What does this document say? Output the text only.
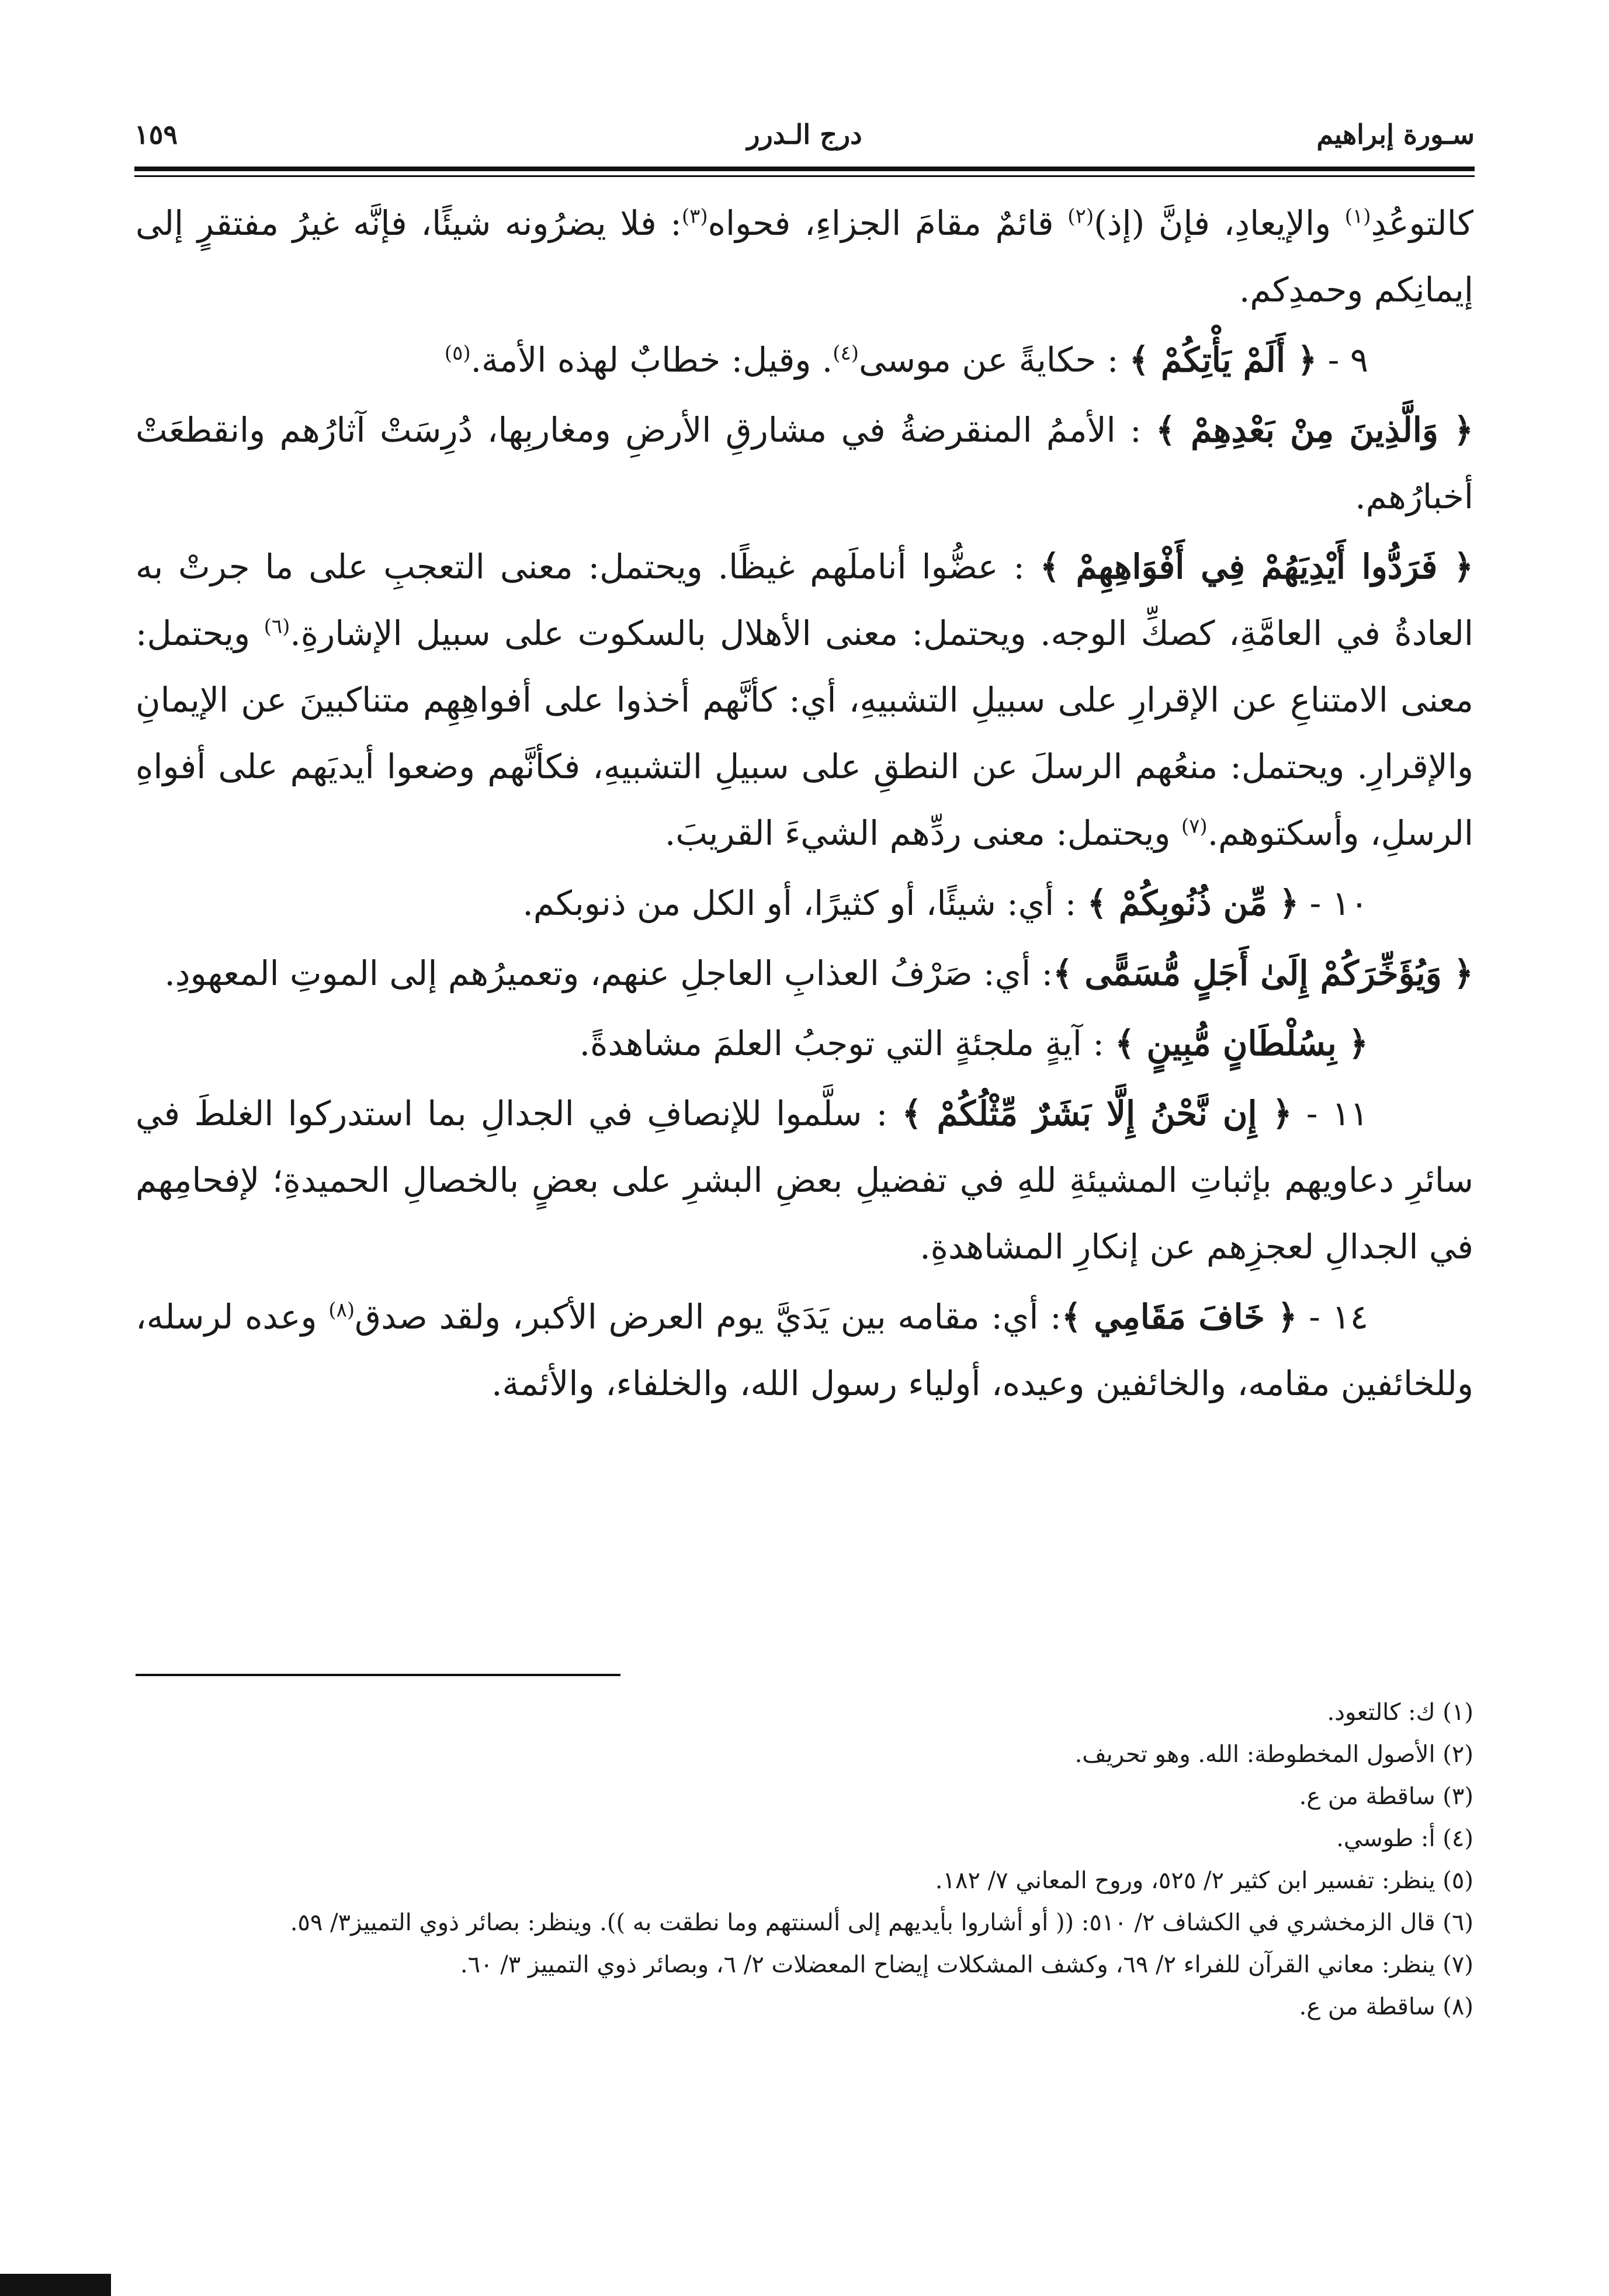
سـورة إبراهيم
درج الـدرر
١٥٩

كالتوعُدِ$^{(١)}$ والإيعادِ، فإنَّ (إذ)$^{(٢)}$ قائمٌ مقامَ الجزاءِ، فحواه$^{(٣)}$: فلا يضرُونه شيئًا، فإنَّه غيرُ مفتقرٍ إلى إيمانِكم وحمدِكم.

٩ - ﴿ أَلَمْ يَأْتِكُمْ ﴾ : حكايةً عن موسى$^{(٤)}$. وقيل: خطابٌ لهذه الأمة.$^{(٥)}$

﴿ وَالَّذِينَ مِنْ بَعْدِهِمْ ﴾ : الأممُ المنقرضةُ في مشارقِ الأرضِ ومغاربِها، دُرِسَتْ آثارُهم وانقطعَتْ أخبارُهم.

﴿ فَرَدُّوا أَيْدِيَهُمْ فِي أَفْوَاهِهِمْ ﴾ : عضُّوا أناملَهم غيظًا. ويحتمل: معنى التعجبِ على ما جرتْ به العادةُ في العامَّةِ، كصكِّ الوجه. ويحتمل: معنى الأهلال بالسكوت على سبيل الإشارةِ.$^{(٦)}$ ويحتمل: معنى الامتناعِ عن الإقرارِ على سبيلِ التشبيهِ، أي: كأنَّهم أخذوا على أفواهِهِم متناكبينَ عن الإيمانِ والإقرارِ. ويحتمل: منعُهم الرسلَ عن النطقِ على سبيلِ التشبيهِ، فكأنَّهم وضعوا أيديَهم على أفواهِ الرسلِ، وأسكتوهم.$^{(٧)}$ ويحتمل: معنى ردِّهم الشيءَ القريبَ.

١٠ - ﴿ مِّن ذُنُوبِكُمْ ﴾ : أي: شيئًا، أو كثيرًا، أو الكل من ذنوبكم.

﴿ وَيُؤَخِّرَكُمْ إِلَىٰ أَجَلٍ مُّسَمًّى ﴾: أي: صَرْفُ العذابِ العاجلِ عنهم، وتعميرُهم إلى الموتِ المعهودِ.

﴿ بِسُلْطَانٍ مُّبِينٍ ﴾ : آيةٍ ملجئةٍ التي توجبُ العلمَ مشاهدةً.

١١ - ﴿ إِن نَّحْنُ إِلَّا بَشَرٌ مِّثْلُكُمْ ﴾ : سلَّموا للإنصافِ في الجدالِ بما استدركوا الغلطَ في سائرِ دعاويهم بإثباتِ المشيئةِ للهِ في تفضيلِ بعضِ البشرِ على بعضٍ بالخصالِ الحميدةِ؛ لإفحامِهم في الجدالِ لعجزِهم عن إنكارِ المشاهدةِ.

١٤ - ﴿ خَافَ مَقَامِي ﴾: أي: مقامه بين يَدَيَّ يوم العرض الأكبر، ولقد صدق$^{(٨)}$ وعده لرسله، وللخائفين مقامه، والخائفين وعيده، أولياء رسول الله، والخلفاء، والأئمة.

(١) ك: كالتعود.

(٢) الأصول المخطوطة: الله. وهو تحريف.

(٣) ساقطة من ع.

(٤) أ: طوسي.

(٥) ينظر: تفسير ابن كثير ٢/ ٥٢٥، وروح المعاني ٧/ ١٨٢.

(٦) قال الزمخشري في الكشاف ٢/ ٥١٠: (( أو أشاروا بأيديهم إلى ألسنتهم وما نطقت به )). وينظر: بصائر ذوي التمييز٣/ ٥٩.

(٧) ينظر: معاني القرآن للفراء ٢/ ٦٩، وكشف المشكلات إيضاح المعضلات ٢/ ٦، وبصائر ذوي التمييز ٣/ ٦٠.

(٨) ساقطة من ع.
